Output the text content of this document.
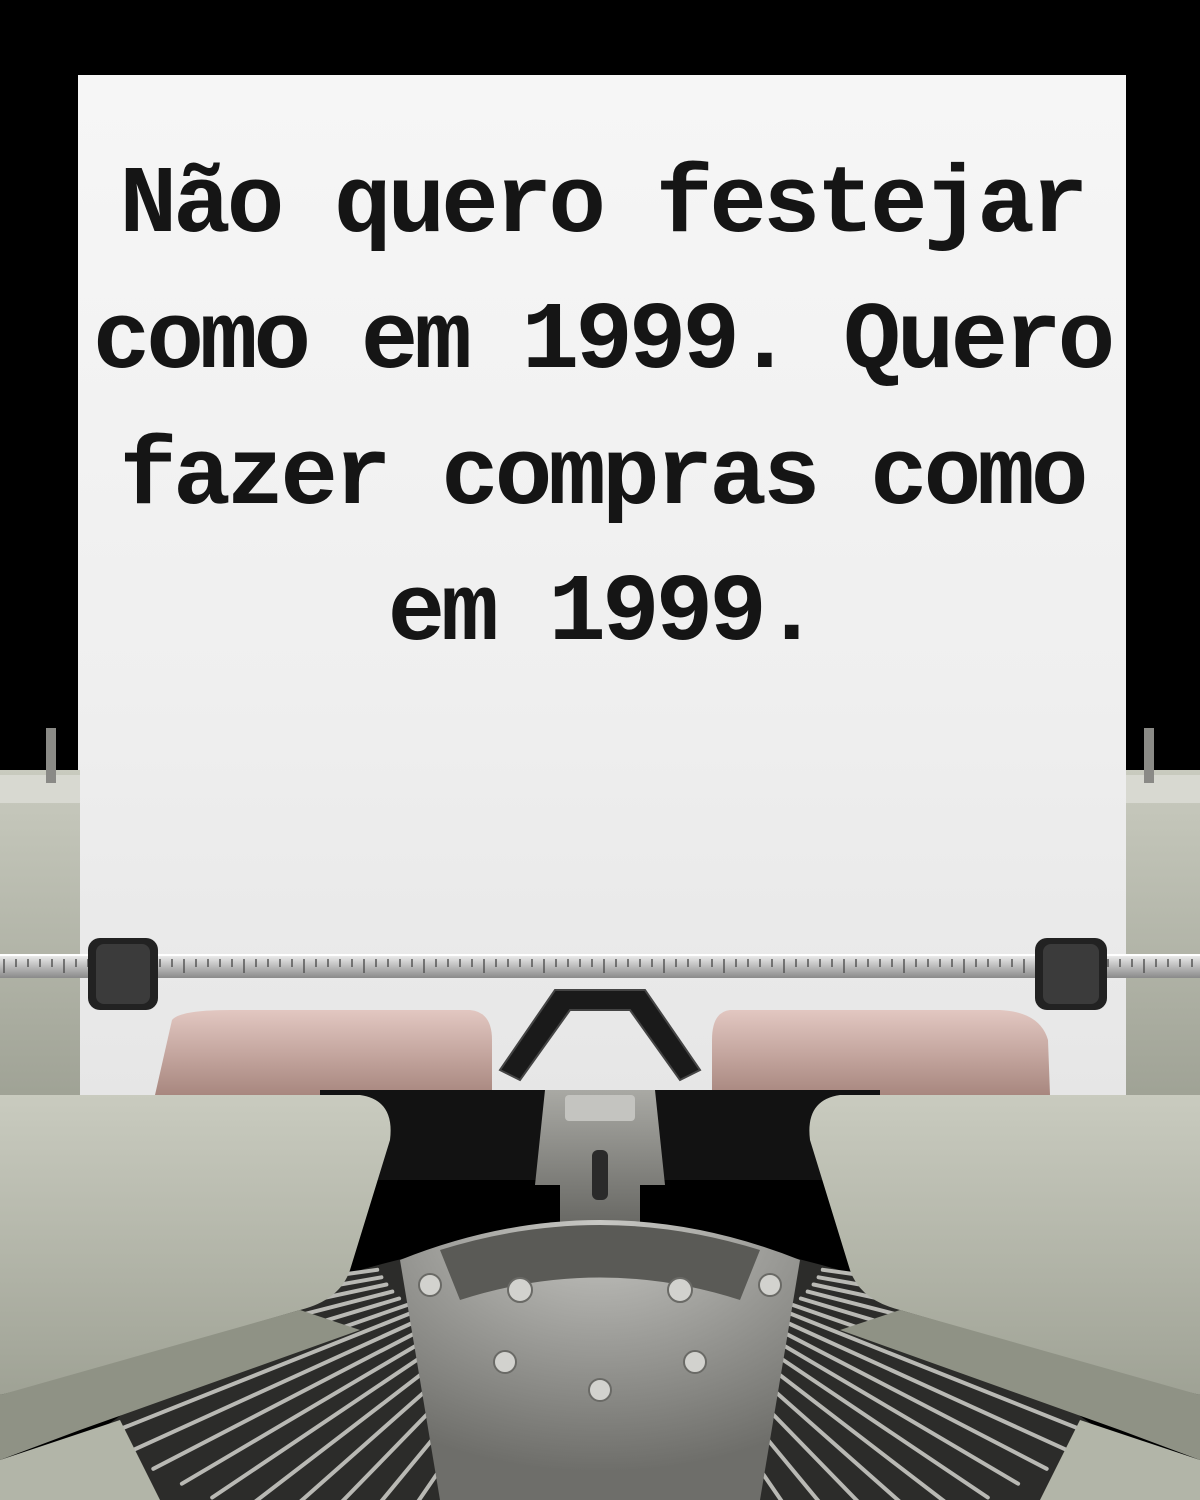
Não quero festejar como em 1999. Quero fazer compras como em 1999.
